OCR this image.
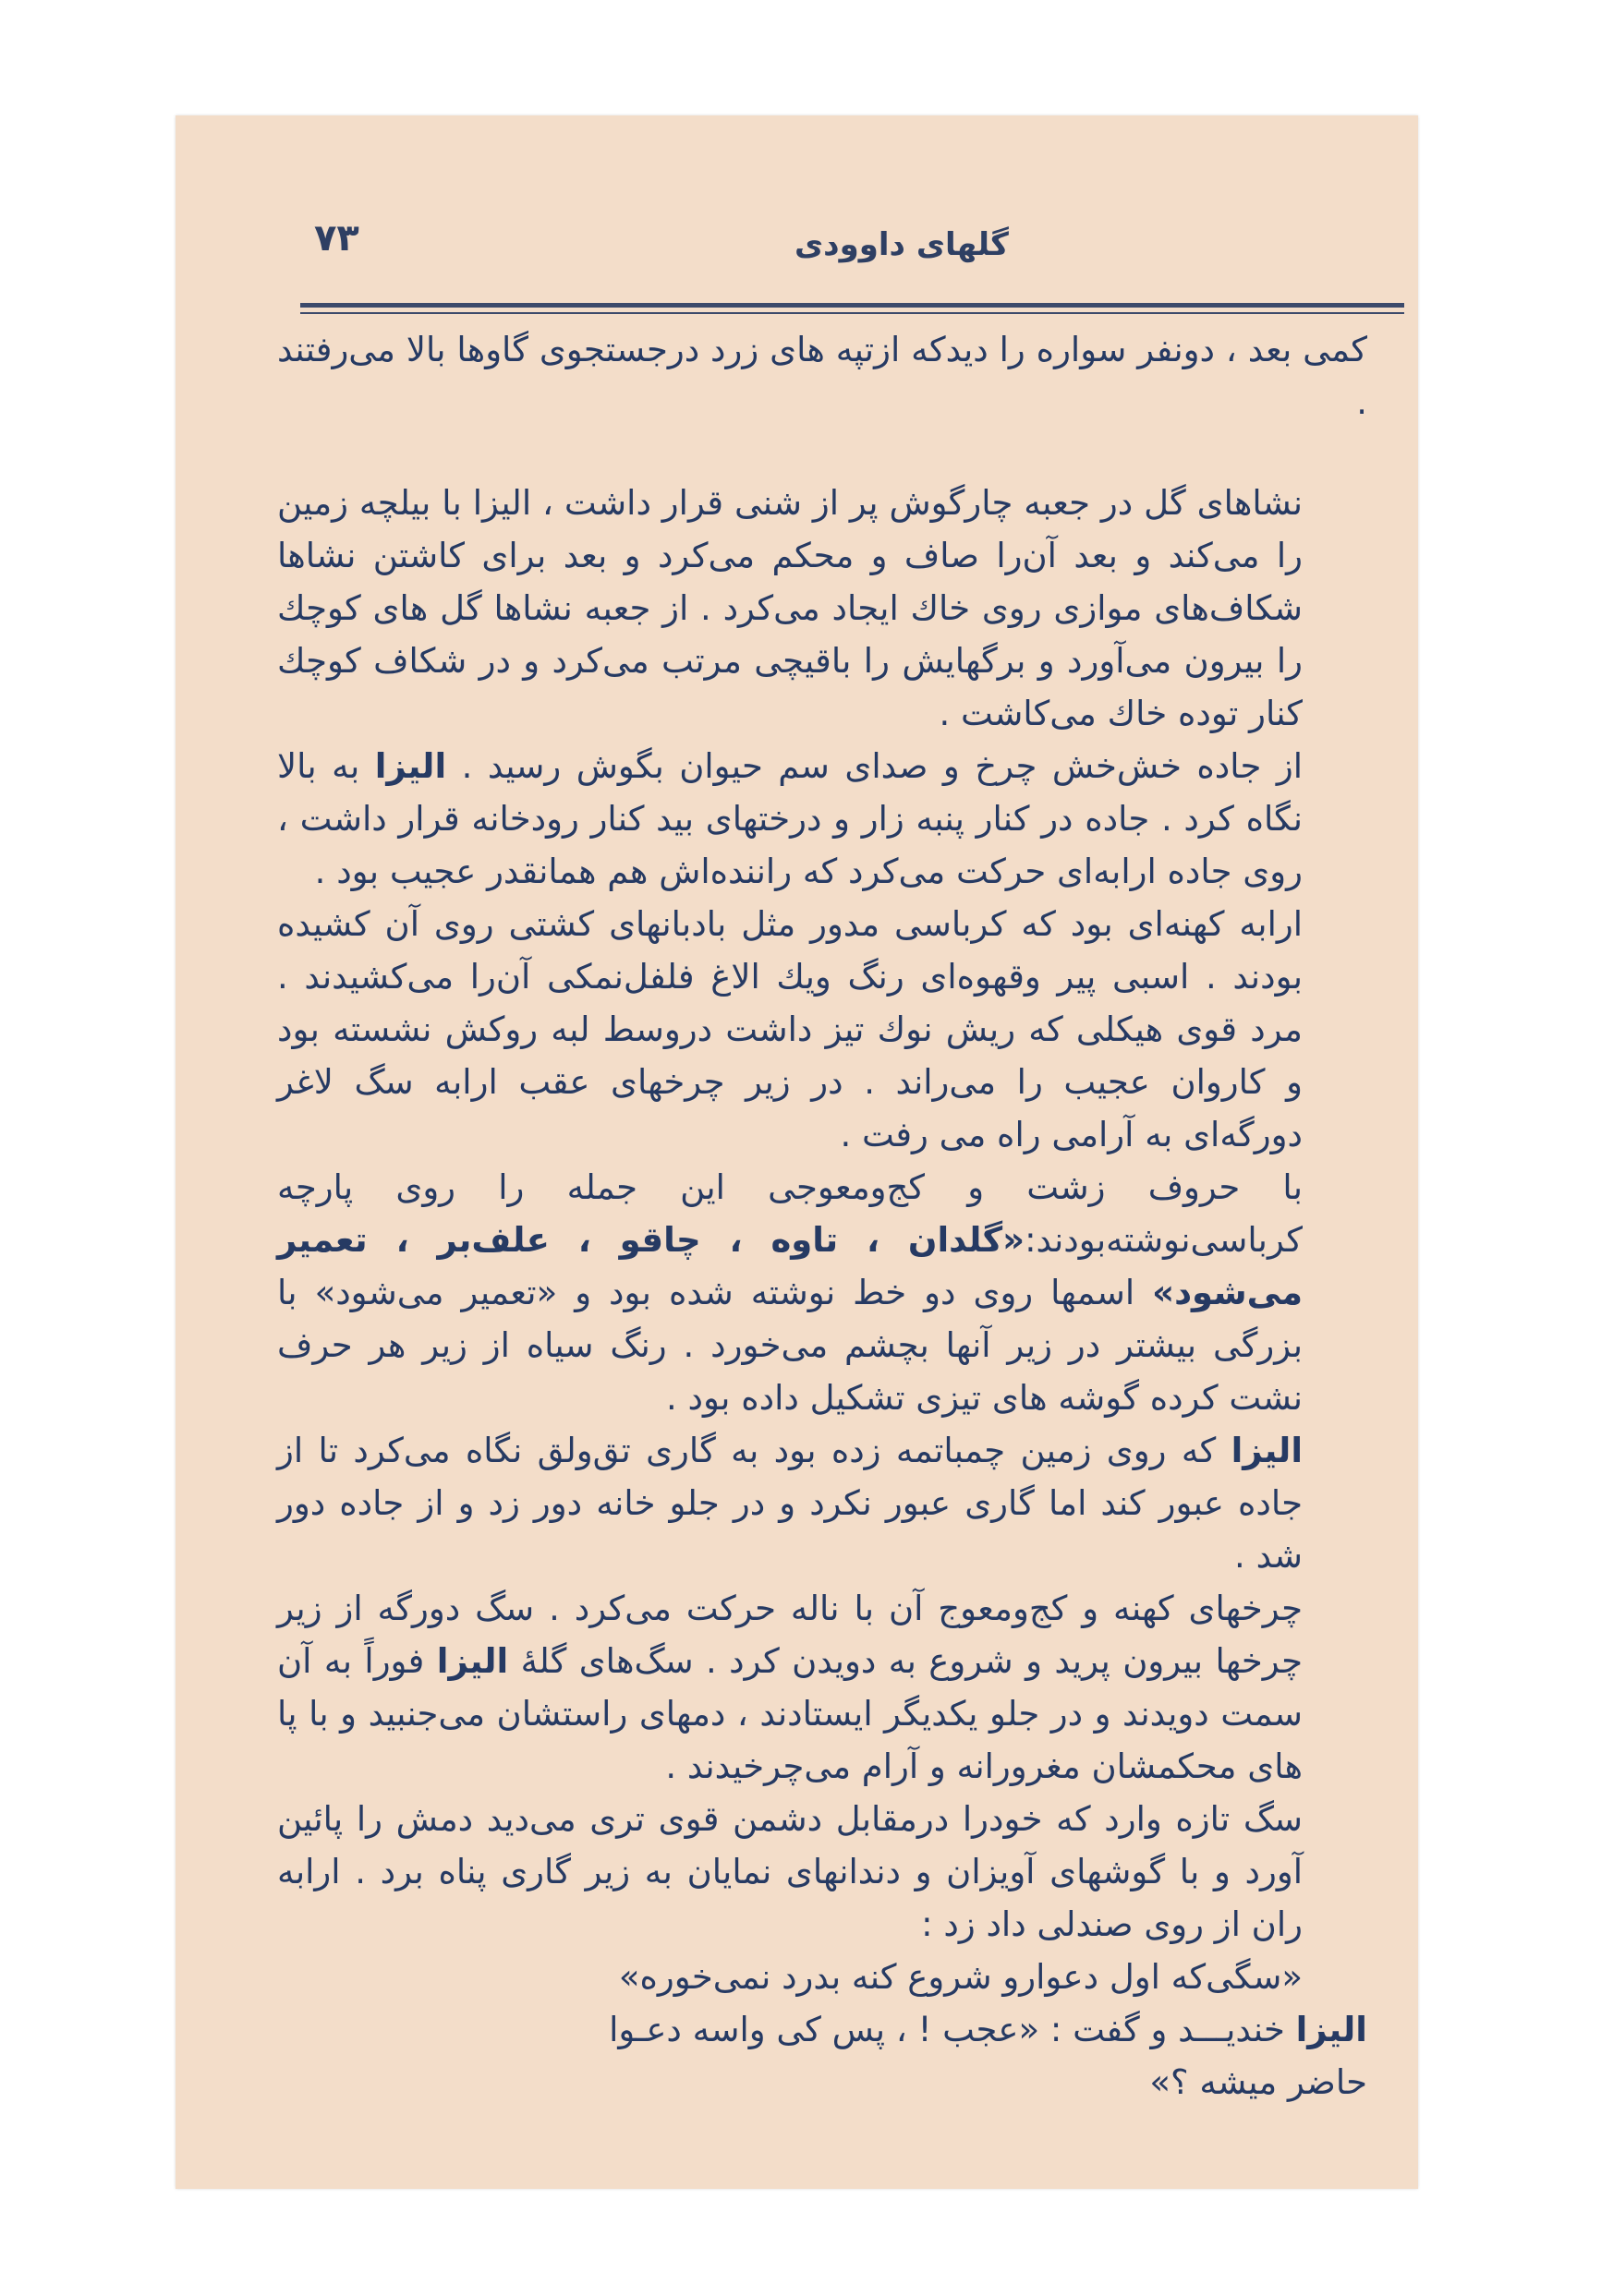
۷۳	گلهای داوودی

کمی بعد ، دونفر سواره را دیدکه ازتپه های زرد درجستجوی گاوها بالا می‌رفتند .

نشاهای گل در جعبه چارگوش پر از شنی قرار داشت ، الیزا با بیلچه زمین را می‌کند و بعد آن‌را صاف و محکم می‌کرد و بعد برای کاشتن نشاها شکاف‌های موازی روی خاك ایجاد می‌کرد . از جعبه نشاها گل های کوچك را بیرون می‌آورد و برگهایش را باقیچی مرتب می‌کرد و در شکاف کوچك کنار توده خاك می‌کاشت .

از جاده خش‌خش چرخ و صدای سم حیوان بگوش رسید . الیزا به بالا نگاه کرد . جاده در کنار پنبه زار و درختهای بید کنار رودخانه قرار داشت ، روی جاده ارابه‌ای حرکت می‌کرد که راننده‌اش هم همانقدر عجیب بود .

ارابه کهنه‌ای بود که کرباسی مدور مثل بادبانهای کشتی روی آن کشیده بودند . اسبی پیر وقهوه‌ای رنگ ویك الاغ فلفل‌نمکی آن‌را می‌کشیدند . مرد قوی هیکلی که ریش نوك تیز داشت دروسط لبه روکش نشسته بود و کاروان عجیب را می‌راند . در زیر چرخهای عقب ارابه سگ لاغر دورگه‌ای به آرامی راه می رفت .

با حروف زشت و کج‌ومعوجی این جمله را روی پارچه کرباسی‌نوشته‌بودند:«گلدان ، تاوه ، چاقو ، علف‌بر ، تعمیر می‌شود» اسمها روی دو خط نوشته شده بود و «تعمیر می‌شود» با بزرگی بیشتر در زیر آنها بچشم می‌خورد . رنگ سیاه از زیر هر حرف نشت کرده گوشه های تیزی تشکیل داده بود .

الیزا که روی زمین چمباتمه زده بود به گاری تق‌ولق نگاه می‌کرد تا از جاده عبور کند اما گاری عبور نکرد و در جلو خانه دور زد و از جاده دور شد .

چرخهای کهنه و کج‌ومعوج آن با ناله حرکت می‌کرد . سگ دورگه از زیر چرخها بیرون پرید و شروع به دویدن کرد . سگ‌های گلهٔ الیزا فوراً به آن سمت دویدند و در جلو یکدیگر ایستادند ، دمهای راستشان می‌جنبید و با پا های محکمشان مغرورانه و آرام می‌چرخیدند .

سگ تازه وارد که خودرا درمقابل دشمن قوی تری می‌دید دمش را پائین آورد و با گوشهای آویزان و دندانهای نمایان به زیر گاری پناه برد . ارابه ران از روی صندلی داد زد :

«سگی‌که اول دعوارو شروع کنه بدرد نمی‌خوره»

الیزا خندیـــد و گفت : «عجب ! ، پس کی واسه دعـوا

حاضر میشه ؟»
